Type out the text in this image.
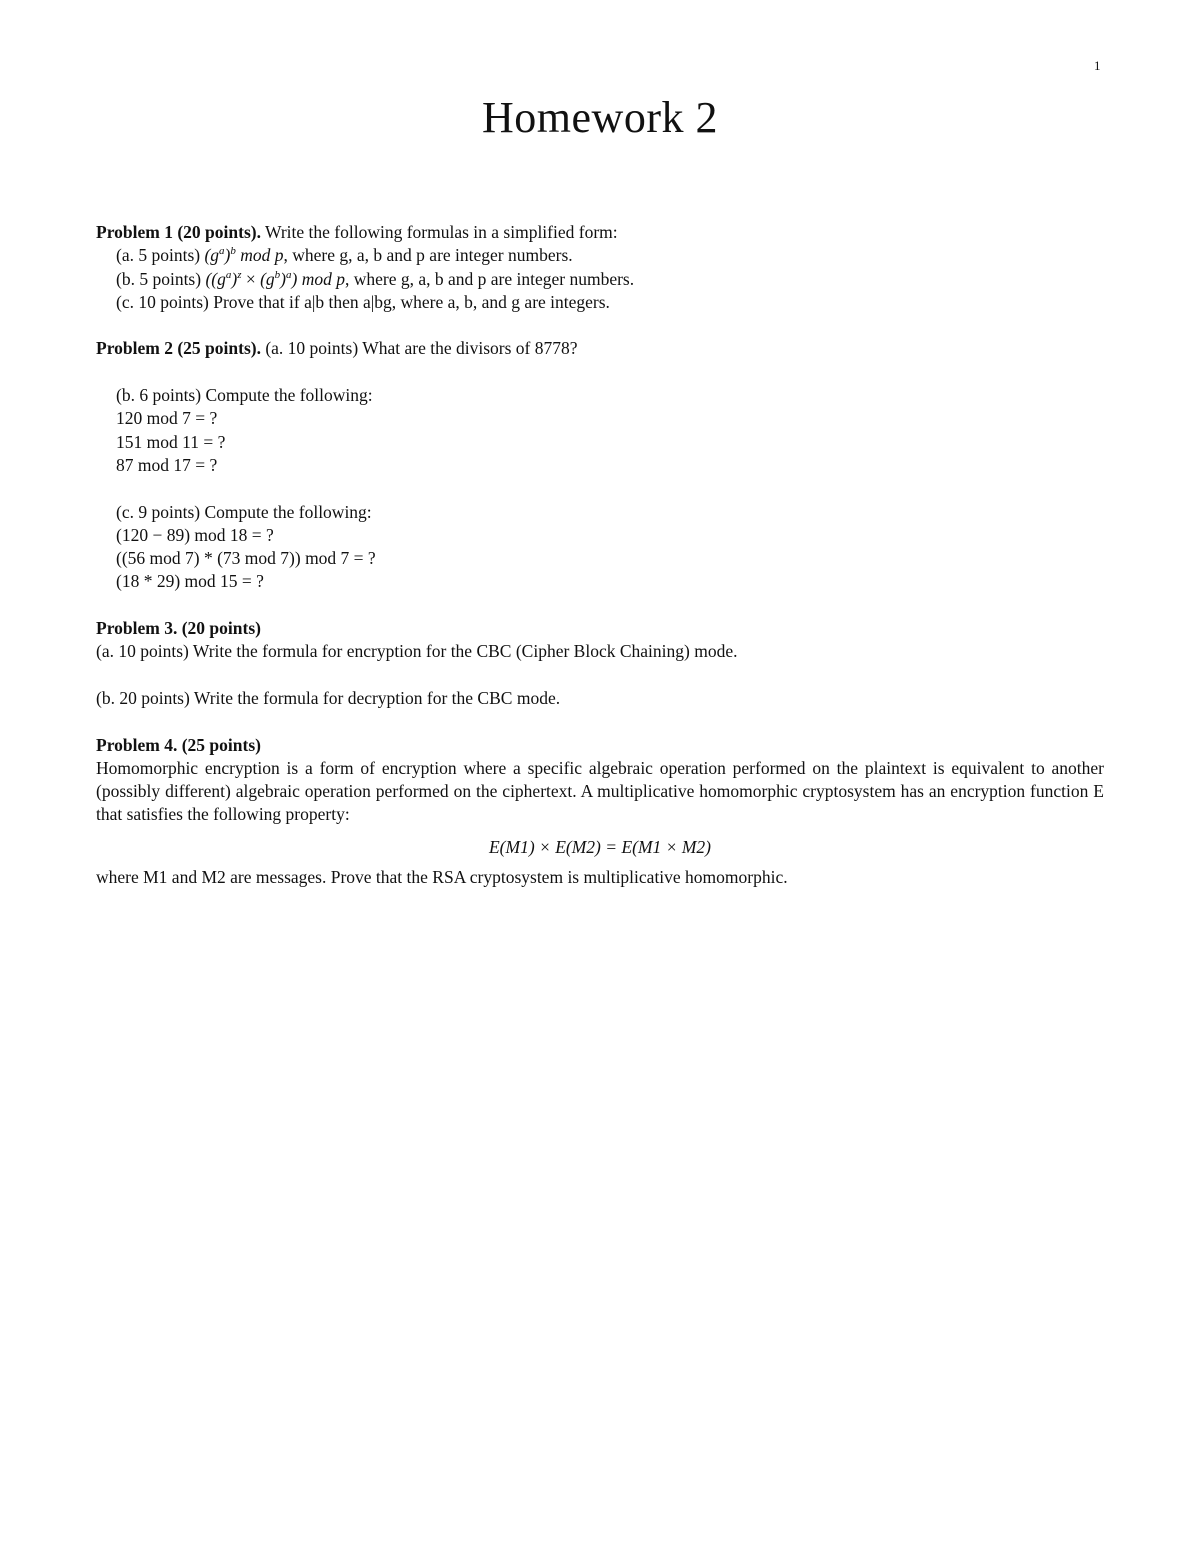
1
Homework 2
Problem 1 (20 points). Write the following formulas in a simplified form:
(a. 5 points) $(g^a)^b$ mod p, where g, a, b and p are integer numbers.
(b. 5 points) $((g^a)^z \times (g^b)^a)$ mod p, where g, a, b and p are integer numbers.
(c. 10 points) Prove that if a|b then a|bg, where a, b, and g are integers.
Problem 2 (25 points). (a. 10 points) What are the divisors of 8778?
(b. 6 points) Compute the following:
120 mod 7 = ?
151 mod 11 = ?
87 mod 17 = ?
(c. 9 points) Compute the following:
(120 − 89) mod 18 = ?
((56 mod 7) * (73 mod 7)) mod 7 = ?
(18 * 29) mod 15 = ?
Problem 3. (20 points)
(a. 10 points) Write the formula for encryption for the CBC (Cipher Block Chaining) mode.
(b. 20 points) Write the formula for decryption for the CBC mode.
Problem 4. (25 points)
Homomorphic encryption is a form of encryption where a specific algebraic operation performed on the plaintext is equivalent to another (possibly different) algebraic operation performed on the ciphertext. A multiplicative homomorphic cryptosystem has an encryption function E that satisfies the following property:
E(M1) × E(M2) = E(M1 × M2)
where M1 and M2 are messages. Prove that the RSA cryptosystem is multiplicative homomorphic.
